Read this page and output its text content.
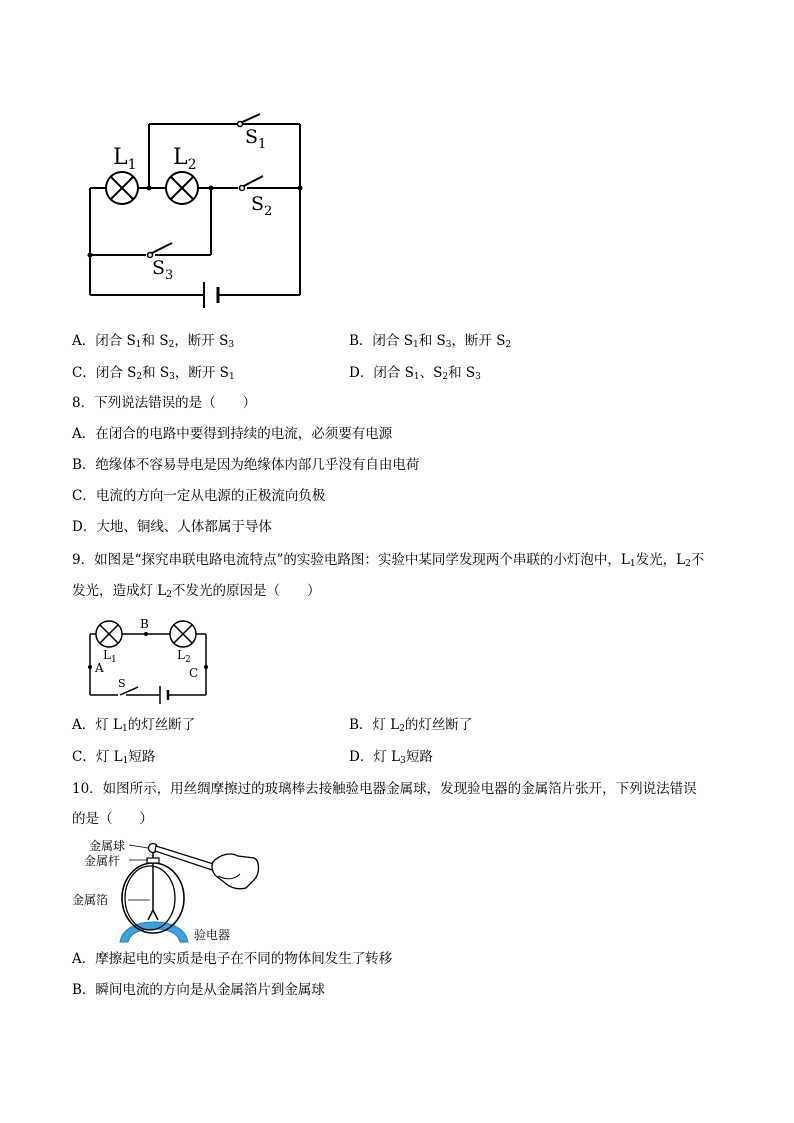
$L_1$ $L_2$
$S_1$
$S_2$
$S_3$
A．闭合 $S_1$和 $S_2$，断开 $S_3$	B．闭合 $S_1$和 $S_3$，断开 $S_2$
C．闭合 $S_2$和 $S_3$，断开 $S_1$	D．闭合 $S_1$、$S_2$和 $S_3$
8．下列说法错误的是（　　）
A．在闭合的电路中要得到持续的电流，必须要有电源
B．绝缘体不容易导电是因为绝缘体内部几乎没有自由电荷
C．电流的方向一定从电源的正极流向负极
D．大地、铜线、人体都属于导体
9．如图是“探究串联电路电流特点”的实验电路图：实验中某同学发现两个串联的小灯泡中，$L_1$发光，$L_2$不
发光，造成灯 $L_2$不发光的原因是（　　）
B
A	C
$L_1$	$L_2$
S
A．灯 $L_1$的灯丝断了	B．灯 $L_2$的灯丝断了
C．灯 $L_1$短路	D．灯 $L_3$短路
10．如图所示，用丝绸摩擦过的玻璃棒去接触验电器金属球，发现验电器的金属箔片张开，下列说法错误
的是（　　）
金属球
金属杆
金属箔
验电器
A．摩擦起电的实质是电子在不同的物体间发生了转移
B．瞬间电流的方向是从金属箔片到金属球
